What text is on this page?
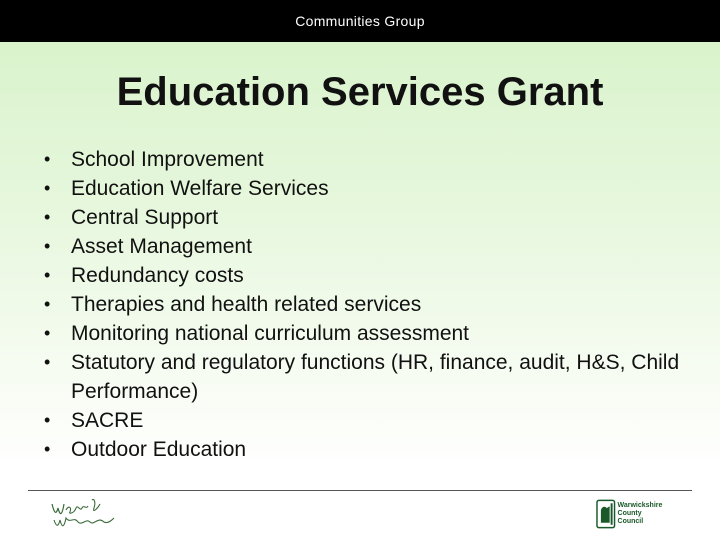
Communities Group
Education Services Grant
• School Improvement
• Education Welfare Services
• Central Support
• Asset Management
• Redundancy costs
• Therapies and health related services
• Monitoring national curriculum assessment
• Statutory and regulatory functions (HR, finance, audit, H&S, Child Performance)
• SACRE
• Outdoor Education
Warwickshire
County Council
